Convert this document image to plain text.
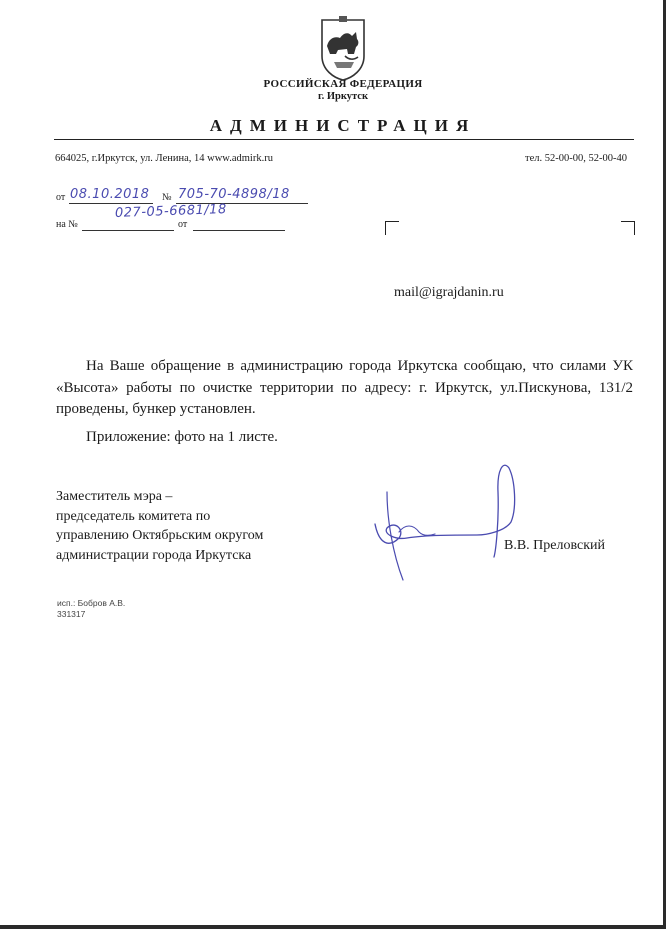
РОССИЙСКАЯ ФЕДЕРАЦИЯ
г. Иркутск
АДМИНИСТРАЦИЯ
664025, г.Иркутск, ул. Ленина, 14 www.admirk.ru	тел. 52-00-00, 52-00-40
от 08.10.2018 № 705-70-4898/18
на №
027-05-6681/18
от
mail@igrajdanin.ru
На Ваше обращение в администрацию города Иркутска сообщаю, что силами УК «Высота» работы по очистке территории по адресу: г. Иркутск, ул.Пискунова, 131/2 проведены, бункер установлен.
Приложение: фото на 1 листе.
Заместитель мэра –
председатель комитета по
управлению Октябрьским округом
администрации города Иркутска
В.В. Преловский
исп.: Бобров А.В.
331317
